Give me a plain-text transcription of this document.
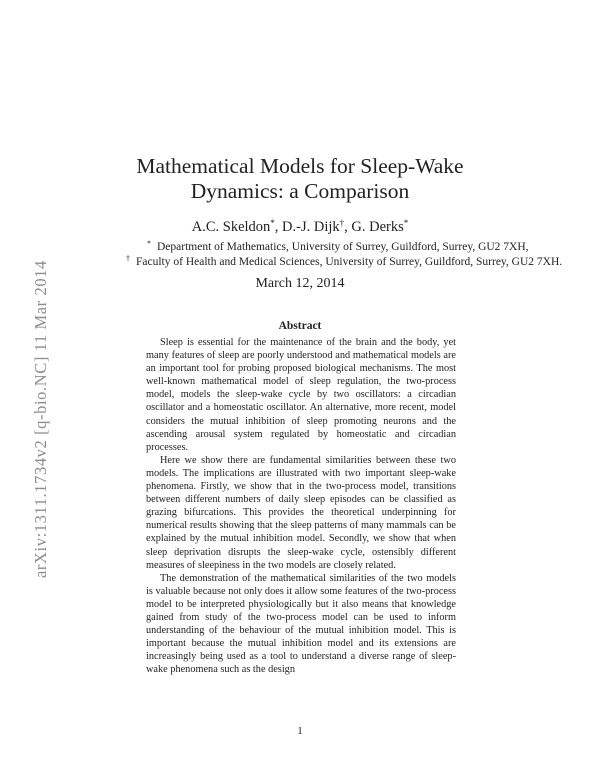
arXiv:1311.1734v2 [q-bio.NC] 11 Mar 2014
Mathematical Models for Sleep-Wake
Dynamics: a Comparison
A.C. Skeldon*, D.-J. Dijk†, G. Derks*
* Department of Mathematics, University of Surrey, Guildford, Surrey, GU2 7XH,
† Faculty of Health and Medical Sciences, University of Surrey, Guildford, Surrey, GU2 7XH.
March 12, 2014
Abstract

Sleep is essential for the maintenance of the brain and the body, yet many features of sleep are poorly understood and mathematical models are an important tool for probing proposed biological mechanisms. The most well-known mathematical model of sleep regulation, the two-process model, models the sleep-wake cycle by two oscillators: a circadian oscillator and a homeostatic oscillator. An alternative, more recent, model considers the mutual inhibition of sleep promoting neurons and the ascending arousal system regulated by homeostatic and circadian processes.

Here we show there are fundamental similarities between these two models. The implications are illustrated with two important sleep-wake phenomena. Firstly, we show that in the two-process model, transitions between different numbers of daily sleep episodes can be classified as grazing bifurcations. This provides the theoretical underpinning for numerical results showing that the sleep patterns of many mammals can be explained by the mutual inhibition model. Secondly, we show that when sleep deprivation disrupts the sleep-wake cycle, ostensibly different measures of sleepiness in the two models are closely related.

The demonstration of the mathematical similarities of the two models is valuable because not only does it allow some features of the two-process model to be interpreted physiologically but it also means that knowledge gained from study of the two-process model can be used to inform understanding of the behaviour of the mutual inhibition model. This is important because the mutual inhibition model and its extensions are increasingly being used as a tool to understand a diverse range of sleep-wake phenomena such as the design

1
